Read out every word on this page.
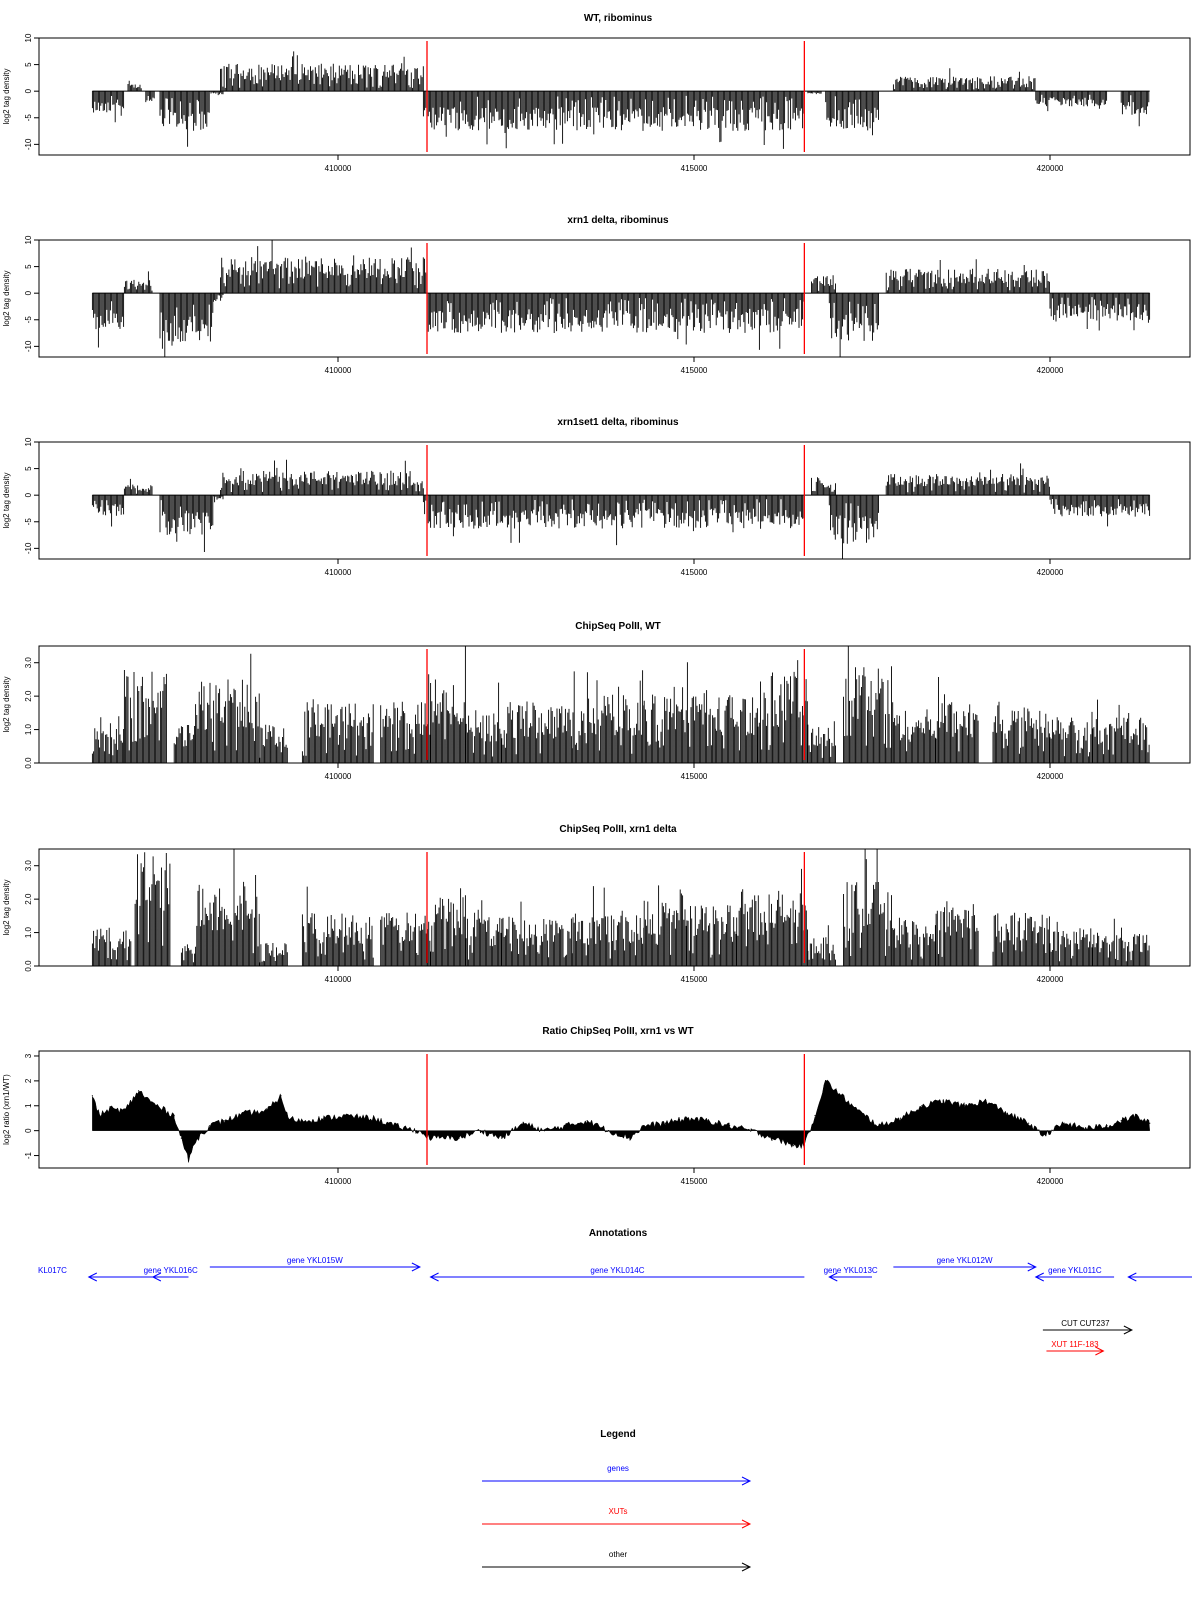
WT, ribominus
10
5
0
-5
-10
log2 tag density
410000	415000	420000
xrn1 delta, ribominus
10
5
0
-5
-10
log2 tag density
410000	415000	420000
xrn1set1 delta, ribominus
10
5
0
-5
-10
log2 tag density
410000	415000	420000
ChipSeq PolII, WT
0.0
1.0
2.0
3.0
log2 tag density
410000	415000	420000
ChipSeq PolII, xrn1 delta
0.0
1.0
2.0
3.0
log2 tag density
410000	415000	420000
Ratio ChipSeq PolII, xrn1 vs WT
3
2
1
0
-1
log2 ratio (xrn1/WT)
410000	415000	420000
Annotations
KL017C	gene YKL016C
gene YKL015W
gene YKL014C	gene YKL013C
gene YKL012W
gene YKL011C
CUT CUT237
XUT 11F-183
Legend
genes
XUTs
other
